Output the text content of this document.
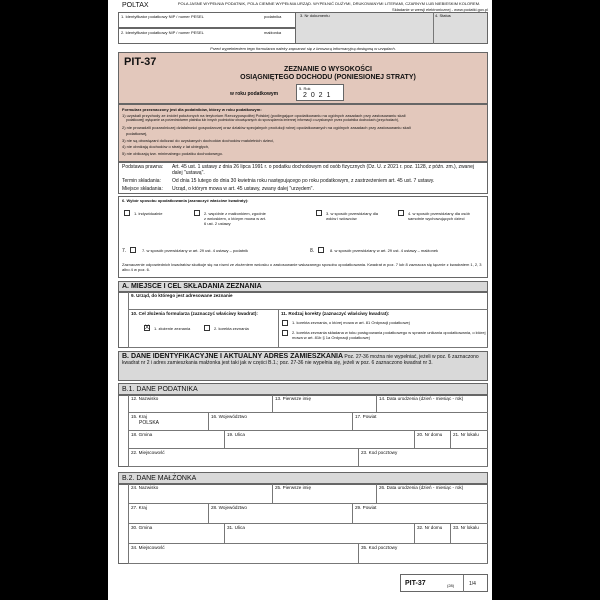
POLTAX	POLA JASNE WYPEŁNIA PODATNIK, POLA CIEMNE WYPEŁNIA URZĄD. WYPEŁNIĆ DUŻYMI, DRUKOWANYMI LITERAMI, CZARNYM LUB NIEBIESKIM KOLOREM.
Składanie w wersji elektronicznej - www.podatki.gov.pl
1. Identyfikator podatkowy NIP / numer PESEL	podatnika
2. Identyfikator podatkowy NIP / numer PESEL	małżonka
3. Nr dokumentu	4. Status
Przed wypełnieniem tego formularza należy zapoznać się z broszurą informacyjną dostępną w urzędach.
PIT-37
ZEZNANIE O WYSOKOŚCI
OSIĄGNIĘTEGO DOCHODU (PONIESIONEJ STRATY)
w roku podatkowym
5. Rok
2 0 2 1
Formularz przeznaczony jest dla podatników, którzy w roku podatkowym:
1) uzyskali przychody ze źródeł położonych na terytorium Rzeczypospolitej Polskiej (podlegające opodatkowaniu na ogólnych zasadach przy zastosowaniu skali
podatkowej) wyłącznie za pośrednictwem płatnika lub innych podmiotów obowiązanych do sporządzenia imiennej informacji o uzyskanych przez podatnika dochodach (przychodach),
2) nie prowadzili pozarolniczej działalności gospodarczej oraz działów specjalnych produkcji rolnej opodatkowanych na ogólnych zasadach przy zastosowaniu skali
podatkowej,
3) nie są obowiązani doliczać do uzyskanych dochodów dochodów małoletnich dzieci,
4) nie obniżają dochodów o straty z lat ubiegłych,
5) nie obliczają tzw. minimalnego podatku dochodowego.
Podstawa prawna: Art. 45 ust. 1 ustawy z dnia 26 lipca 1991 r. o podatku dochodowym od osób fizycznych (Dz. U. z 2021 r. poz. 1128, z późn. zm.), zwanej dalej "ustawą".
Termin składania: Od dnia 15 lutego do dnia 30 kwietnia roku następującego po roku podatkowym, z zastrzeżeniem art. 45 ust. 7 ustawy.
Miejsce składania: Urząd, o którym mowa w art. 45 ustawy, zwany dalej "urzędem".
6. Wybór sposobu opodatkowania (zaznaczyć właściwe kwadraty):
1. indywidualnie	2. wspólnie z małżonkiem, zgodnie z wnioskiem, o którym mowa w art. 6 ust. 2 ustawy
3. w sposób przewidziany dla wdów i wdowców
4. w sposób przewidziany dla osób samotnie wychowujących dzieci
7.	7. w sposób przewidziany w art. 29 ust. 4 ustawy – podatnik	8.	8. w sposób przewidziany w art. 29 ust. 4 ustawy – małżonek
Zaznaczenie odpowiednich kwadratów skutkuje się na równi ze złożeniem wniosku o zastosowanie wskazanego sposobu opodatkowania. Kwadrat w poz. 7 lub 8 zaznacza się łącznie z kwadratem 1, 2, 3 albo 4 w poz. 6.
A. MIEJSCE I CEL SKŁADANIA ZEZNANIA
9. Urząd, do którego jest adresowane zeznanie
10. Cel złożenia formularza (zaznaczyć właściwy kwadrat):
X 1. złożenie zeznania	2. korekta zeznania
11. Rodzaj korekty (zaznaczyć właściwy kwadrat):
1. korekta zeznania, o której mowa w art. 81 Ordynacji podatkowej
2. korekta zeznania składana w toku postępowania podatkowego w sprawie unikania opodatkowania, o której mowa w art. 81b § 1a Ordynacji podatkowej
B. DANE IDENTYFIKACYJNE I AKTUALNY ADRES ZAMIESZKANIA Poz. 27-36 można nie wypełniać, jeżeli w poz. 6 zaznaczono kwadrat nr 2 i adres zamieszkania małżonka jest taki jak w części B.1.; poz. 27-36 nie wypełnia się, jeżeli w poz. 6 zaznaczono kwadrat nr 3.
B.1. DANE PODATNIKA
12. Nazwisko	13. Pierwsze imię	14. Data urodzenia (dzień - miesiąc - rok)
15. Kraj
POLSKA
16. Województwo	17. Powiat
18. Gmina	19. Ulica	20. Nr domu	21. Nr lokalu
22. Miejscowość	23. Kod pocztowy
B.2. DANE MAŁŻONKA
24. Nazwisko	25. Pierwsze imię	26. Data urodzenia (dzień - miesiąc - rok)
27. Kraj	28. Województwo	29. Powiat
30. Gmina	31. Ulica	32. Nr domu	33. Nr lokalu
34. Miejscowość	35. Kod pocztowy
PIT-37	(28)	1/4
